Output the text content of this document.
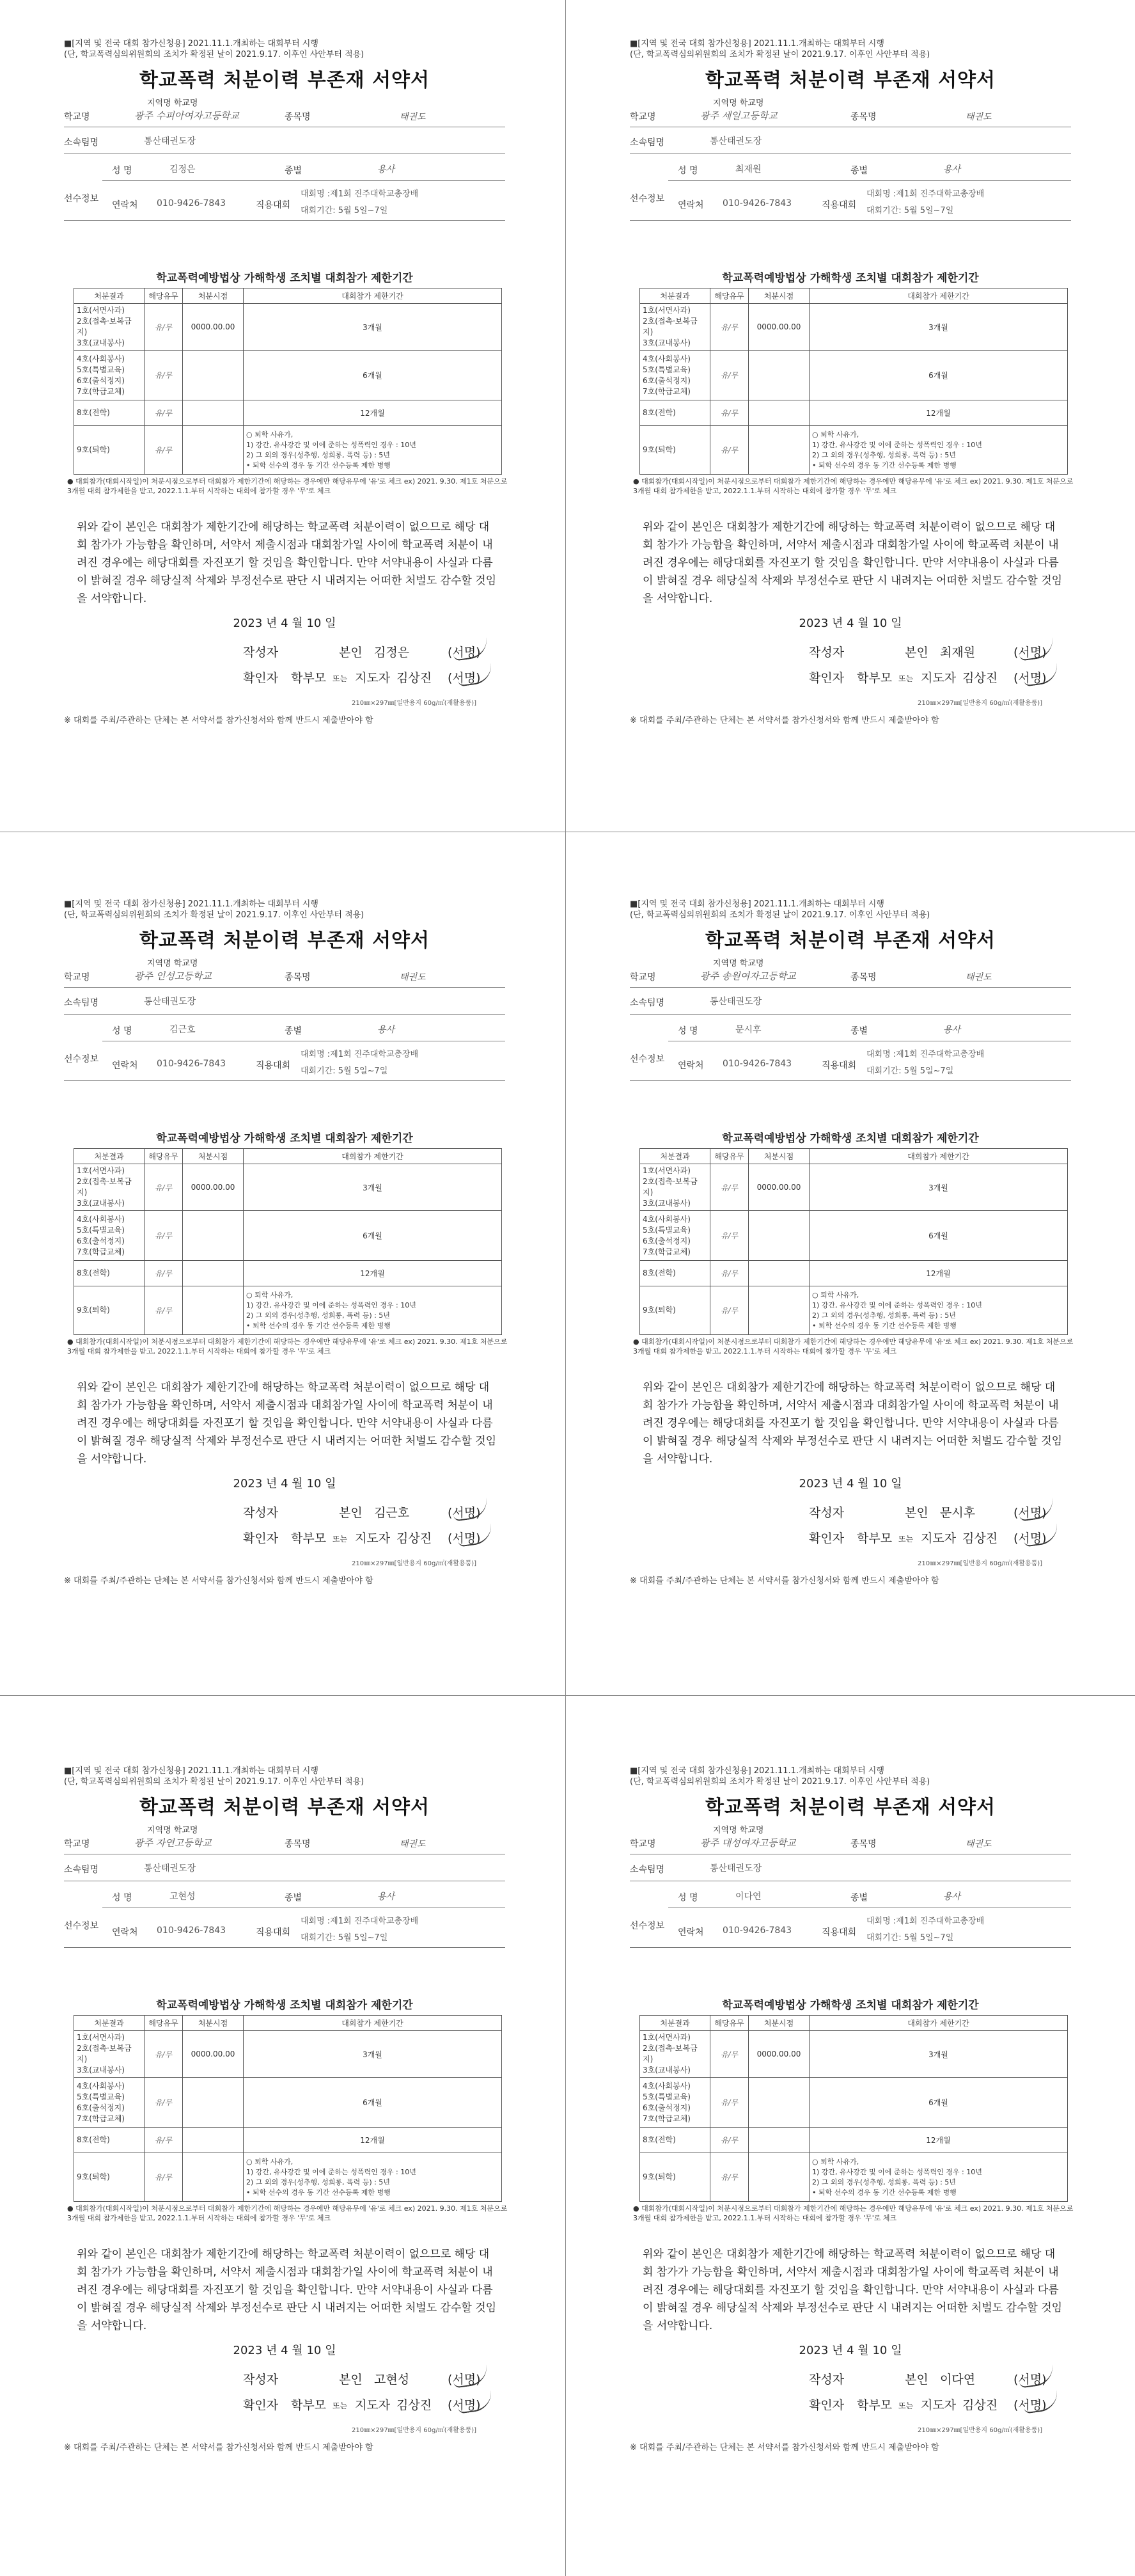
■[지역 및 전국 대회 참가신청용] 2021.11.1.개최하는 대회부터 시행
(단, 학교폭력심의위원회의 조치가 확정된 날이 2021.9.17. 이후인 사안부터 적용)
학교폭력 처분이력 부존재 서약서
학교명
지역명 학교명
광주 수피아여자고등학교	종목명	태권도
소속팀명	통산태권도장
선수정보
성 명	김정은	종별	용사
연락처 010-9426-7843	직용대회
대회명 :제1회 진주대학교총장배
대회기간: 5월 5일~7일
학교폭력예방법상 가해학생 조치별 대회참가 제한기간
처분결과	해당유무	처분시점	대회참가 제한기간

1호(서면사과)
2호(접촉·보복금지)
3호(교내봉사)	유/무	0000.00.00	3개월

4호(사회봉사)
5호(특별교육)
6호(출석정지)
7호(학급교체)	유/무		6개월

8호(전학)	유/무		12개월

9호(퇴학)	유/무		○ 퇴학 사유가,
1) 강간, 유사강간 및 이에 준하는 성폭력인 경우 : 10년
2) 그 외의 경우(성추행, 성희롱, 폭력 등) : 5년
• 퇴학 선수의 경우 동 기간 선수등록 제한 병행
● 대회참가(대회시작일)이 처분시점으로부터 대회참가 제한기간에 해당하는 경우에만 해당유무에 '유'로 체크 ex) 2021. 9.30. 제1호 처분으로 3개월 대회 참가제한을 받고, 2022.1.1.부터 시작하는 대회에 참가할 경우 '무'로 체크
위와 같이 본인은 대회참가 제한기간에 해당하는 학교폭력 처분이력이 없으므로 해당 대회 참가가 가능함을 확인하며, 서약서 제출시점과 대회참가일 사이에 학교폭력 처분이 내려진 경우에는 해당대회를 자진포기 할 것임을 확인합니다. 만약 서약내용이 사실과 다름이 밝혀질 경우 해당실적 삭제와 부정선수로 판단 시 내려지는 어떠한 처벌도 감수할 것임을 서약합니다.
2023 년 4 월 10 일
작성자	본인 김정은	(서명)
확인자 학부모 또는 지도자 김상진 (서명)
210㎜×297㎜[일반용지 60g/㎡(재활용품)]
※ 대회를 주최/주관하는 단체는 본 서약서를 참가신청서와 함께 반드시 제출받아야 함
■[지역 및 전국 대회 참가신청용] 2021.11.1.개최하는 대회부터 시행
(단, 학교폭력심의위원회의 조치가 확정된 날이 2021.9.17. 이후인 사안부터 적용)
학교폭력 처분이력 부존재 서약서
학교명
지역명 학교명
광주 세일고등학교	종목명	태권도
소속팀명	통산태권도장
선수정보
성 명	최재원	종별	용사
연락처 010-9426-7843	직용대회
대회명 :제1회 진주대학교총장배
대회기간: 5월 5일~7일
학교폭력예방법상 가해학생 조치별 대회참가 제한기간
처분결과	해당유무	처분시점	대회참가 제한기간

1호(서면사과)
2호(접촉·보복금지)
3호(교내봉사)	유/무	0000.00.00	3개월

4호(사회봉사)
5호(특별교육)
6호(출석정지)
7호(학급교체)	유/무		6개월

8호(전학)	유/무		12개월

9호(퇴학)	유/무		○ 퇴학 사유가,
1) 강간, 유사강간 및 이에 준하는 성폭력인 경우 : 10년
2) 그 외의 경우(성추행, 성희롱, 폭력 등) : 5년
• 퇴학 선수의 경우 동 기간 선수등록 제한 병행
● 대회참가(대회시작일)이 처분시점으로부터 대회참가 제한기간에 해당하는 경우에만 해당유무에 '유'로 체크 ex) 2021. 9.30. 제1호 처분으로 3개월 대회 참가제한을 받고, 2022.1.1.부터 시작하는 대회에 참가할 경우 '무'로 체크
위와 같이 본인은 대회참가 제한기간에 해당하는 학교폭력 처분이력이 없으므로 해당 대회 참가가 가능함을 확인하며, 서약서 제출시점과 대회참가일 사이에 학교폭력 처분이 내려진 경우에는 해당대회를 자진포기 할 것임을 확인합니다. 만약 서약내용이 사실과 다름이 밝혀질 경우 해당실적 삭제와 부정선수로 판단 시 내려지는 어떠한 처벌도 감수할 것임을 서약합니다.
2023 년 4 월 10 일
작성자	본인 최재원	(서명)
확인자 학부모 또는 지도자 김상진 (서명)
210㎜×297㎜[일반용지 60g/㎡(재활용품)]
※ 대회를 주최/주관하는 단체는 본 서약서를 참가신청서와 함께 반드시 제출받아야 함
■[지역 및 전국 대회 참가신청용] 2021.11.1.개최하는 대회부터 시행
(단, 학교폭력심의위원회의 조치가 확정된 날이 2021.9.17. 이후인 사안부터 적용)
학교폭력 처분이력 부존재 서약서
학교명
지역명 학교명
광주 인성고등학교	종목명	태권도
소속팀명	통산태권도장
선수정보
성 명	김근호	종별	용사
연락처 010-9426-7843	직용대회
대회명 :제1회 진주대학교총장배
대회기간: 5월 5일~7일
학교폭력예방법상 가해학생 조치별 대회참가 제한기간
처분결과	해당유무	처분시점	대회참가 제한기간

1호(서면사과)
2호(접촉·보복금지)
3호(교내봉사)	유/무	0000.00.00	3개월

4호(사회봉사)
5호(특별교육)
6호(출석정지)
7호(학급교체)	유/무		6개월

8호(전학)	유/무		12개월

9호(퇴학)	유/무		○ 퇴학 사유가,
1) 강간, 유사강간 및 이에 준하는 성폭력인 경우 : 10년
2) 그 외의 경우(성추행, 성희롱, 폭력 등) : 5년
• 퇴학 선수의 경우 동 기간 선수등록 제한 병행
● 대회참가(대회시작일)이 처분시점으로부터 대회참가 제한기간에 해당하는 경우에만 해당유무에 '유'로 체크 ex) 2021. 9.30. 제1호 처분으로 3개월 대회 참가제한을 받고, 2022.1.1.부터 시작하는 대회에 참가할 경우 '무'로 체크
위와 같이 본인은 대회참가 제한기간에 해당하는 학교폭력 처분이력이 없으므로 해당 대회 참가가 가능함을 확인하며, 서약서 제출시점과 대회참가일 사이에 학교폭력 처분이 내려진 경우에는 해당대회를 자진포기 할 것임을 확인합니다. 만약 서약내용이 사실과 다름이 밝혀질 경우 해당실적 삭제와 부정선수로 판단 시 내려지는 어떠한 처벌도 감수할 것임을 서약합니다.
2023 년 4 월 10 일
작성자	본인 김근호	(서명)
확인자 학부모 또는 지도자 김상진 (서명)
210㎜×297㎜[일반용지 60g/㎡(재활용품)]
※ 대회를 주최/주관하는 단체는 본 서약서를 참가신청서와 함께 반드시 제출받아야 함
■[지역 및 전국 대회 참가신청용] 2021.11.1.개최하는 대회부터 시행
(단, 학교폭력심의위원회의 조치가 확정된 날이 2021.9.17. 이후인 사안부터 적용)
학교폭력 처분이력 부존재 서약서
학교명
지역명 학교명
광주 송원여자고등학교	종목명	태권도
소속팀명	통산태권도장
선수정보
성 명	문시후	종별	용사
연락처 010-9426-7843	직용대회
대회명 :제1회 진주대학교총장배
대회기간: 5월 5일~7일
학교폭력예방법상 가해학생 조치별 대회참가 제한기간
처분결과	해당유무	처분시점	대회참가 제한기간

1호(서면사과)
2호(접촉·보복금지)
3호(교내봉사)	유/무	0000.00.00	3개월

4호(사회봉사)
5호(특별교육)
6호(출석정지)
7호(학급교체)	유/무		6개월

8호(전학)	유/무		12개월

9호(퇴학)	유/무		○ 퇴학 사유가,
1) 강간, 유사강간 및 이에 준하는 성폭력인 경우 : 10년
2) 그 외의 경우(성추행, 성희롱, 폭력 등) : 5년
• 퇴학 선수의 경우 동 기간 선수등록 제한 병행
● 대회참가(대회시작일)이 처분시점으로부터 대회참가 제한기간에 해당하는 경우에만 해당유무에 '유'로 체크 ex) 2021. 9.30. 제1호 처분으로 3개월 대회 참가제한을 받고, 2022.1.1.부터 시작하는 대회에 참가할 경우 '무'로 체크
위와 같이 본인은 대회참가 제한기간에 해당하는 학교폭력 처분이력이 없으므로 해당 대회 참가가 가능함을 확인하며, 서약서 제출시점과 대회참가일 사이에 학교폭력 처분이 내려진 경우에는 해당대회를 자진포기 할 것임을 확인합니다. 만약 서약내용이 사실과 다름이 밝혀질 경우 해당실적 삭제와 부정선수로 판단 시 내려지는 어떠한 처벌도 감수할 것임을 서약합니다.
2023 년 4 월 10 일
작성자	본인 문시후	(서명)
확인자 학부모 또는 지도자 김상진 (서명)
210㎜×297㎜[일반용지 60g/㎡(재활용품)]
※ 대회를 주최/주관하는 단체는 본 서약서를 참가신청서와 함께 반드시 제출받아야 함
■[지역 및 전국 대회 참가신청용] 2021.11.1.개최하는 대회부터 시행
(단, 학교폭력심의위원회의 조치가 확정된 날이 2021.9.17. 이후인 사안부터 적용)
학교폭력 처분이력 부존재 서약서
학교명
지역명 학교명
광주 자연고등학교	종목명	태권도
소속팀명	통산태권도장
선수정보
성 명	고현성	종별	용사
연락처 010-9426-7843	직용대회
대회명 :제1회 진주대학교총장배
대회기간: 5월 5일~7일
학교폭력예방법상 가해학생 조치별 대회참가 제한기간
처분결과	해당유무	처분시점	대회참가 제한기간

1호(서면사과)
2호(접촉·보복금지)
3호(교내봉사)	유/무	0000.00.00	3개월

4호(사회봉사)
5호(특별교육)
6호(출석정지)
7호(학급교체)	유/무		6개월

8호(전학)	유/무		12개월

9호(퇴학)	유/무		○ 퇴학 사유가,
1) 강간, 유사강간 및 이에 준하는 성폭력인 경우 : 10년
2) 그 외의 경우(성추행, 성희롱, 폭력 등) : 5년
• 퇴학 선수의 경우 동 기간 선수등록 제한 병행
● 대회참가(대회시작일)이 처분시점으로부터 대회참가 제한기간에 해당하는 경우에만 해당유무에 '유'로 체크 ex) 2021. 9.30. 제1호 처분으로 3개월 대회 참가제한을 받고, 2022.1.1.부터 시작하는 대회에 참가할 경우 '무'로 체크
위와 같이 본인은 대회참가 제한기간에 해당하는 학교폭력 처분이력이 없으므로 해당 대회 참가가 가능함을 확인하며, 서약서 제출시점과 대회참가일 사이에 학교폭력 처분이 내려진 경우에는 해당대회를 자진포기 할 것임을 확인합니다. 만약 서약내용이 사실과 다름이 밝혀질 경우 해당실적 삭제와 부정선수로 판단 시 내려지는 어떠한 처벌도 감수할 것임을 서약합니다.
2023 년 4 월 10 일
작성자	본인 고현성	(서명)
확인자 학부모 또는 지도자 김상진 (서명)
210㎜×297㎜[일반용지 60g/㎡(재활용품)]
※ 대회를 주최/주관하는 단체는 본 서약서를 참가신청서와 함께 반드시 제출받아야 함
■[지역 및 전국 대회 참가신청용] 2021.11.1.개최하는 대회부터 시행
(단, 학교폭력심의위원회의 조치가 확정된 날이 2021.9.17. 이후인 사안부터 적용)
학교폭력 처분이력 부존재 서약서
학교명
지역명 학교명
광주 대성여자고등학교	종목명	태권도
소속팀명	통산태권도장
선수정보
성 명	이다연	종별	용사
연락처 010-9426-7843	직용대회
대회명 :제1회 진주대학교총장배
대회기간: 5월 5일~7일
학교폭력예방법상 가해학생 조치별 대회참가 제한기간
처분결과	해당유무	처분시점	대회참가 제한기간

1호(서면사과)
2호(접촉·보복금지)
3호(교내봉사)	유/무	0000.00.00	3개월

4호(사회봉사)
5호(특별교육)
6호(출석정지)
7호(학급교체)	유/무		6개월

8호(전학)	유/무		12개월

9호(퇴학)	유/무		○ 퇴학 사유가,
1) 강간, 유사강간 및 이에 준하는 성폭력인 경우 : 10년
2) 그 외의 경우(성추행, 성희롱, 폭력 등) : 5년
• 퇴학 선수의 경우 동 기간 선수등록 제한 병행
● 대회참가(대회시작일)이 처분시점으로부터 대회참가 제한기간에 해당하는 경우에만 해당유무에 '유'로 체크 ex) 2021. 9.30. 제1호 처분으로 3개월 대회 참가제한을 받고, 2022.1.1.부터 시작하는 대회에 참가할 경우 '무'로 체크
위와 같이 본인은 대회참가 제한기간에 해당하는 학교폭력 처분이력이 없으므로 해당 대회 참가가 가능함을 확인하며, 서약서 제출시점과 대회참가일 사이에 학교폭력 처분이 내려진 경우에는 해당대회를 자진포기 할 것임을 확인합니다. 만약 서약내용이 사실과 다름이 밝혀질 경우 해당실적 삭제와 부정선수로 판단 시 내려지는 어떠한 처벌도 감수할 것임을 서약합니다.
2023 년 4 월 10 일
작성자	본인 이다연	(서명)
확인자 학부모 또는 지도자 김상진 (서명)
210㎜×297㎜[일반용지 60g/㎡(재활용품)]
※ 대회를 주최/주관하는 단체는 본 서약서를 참가신청서와 함께 반드시 제출받아야 함
